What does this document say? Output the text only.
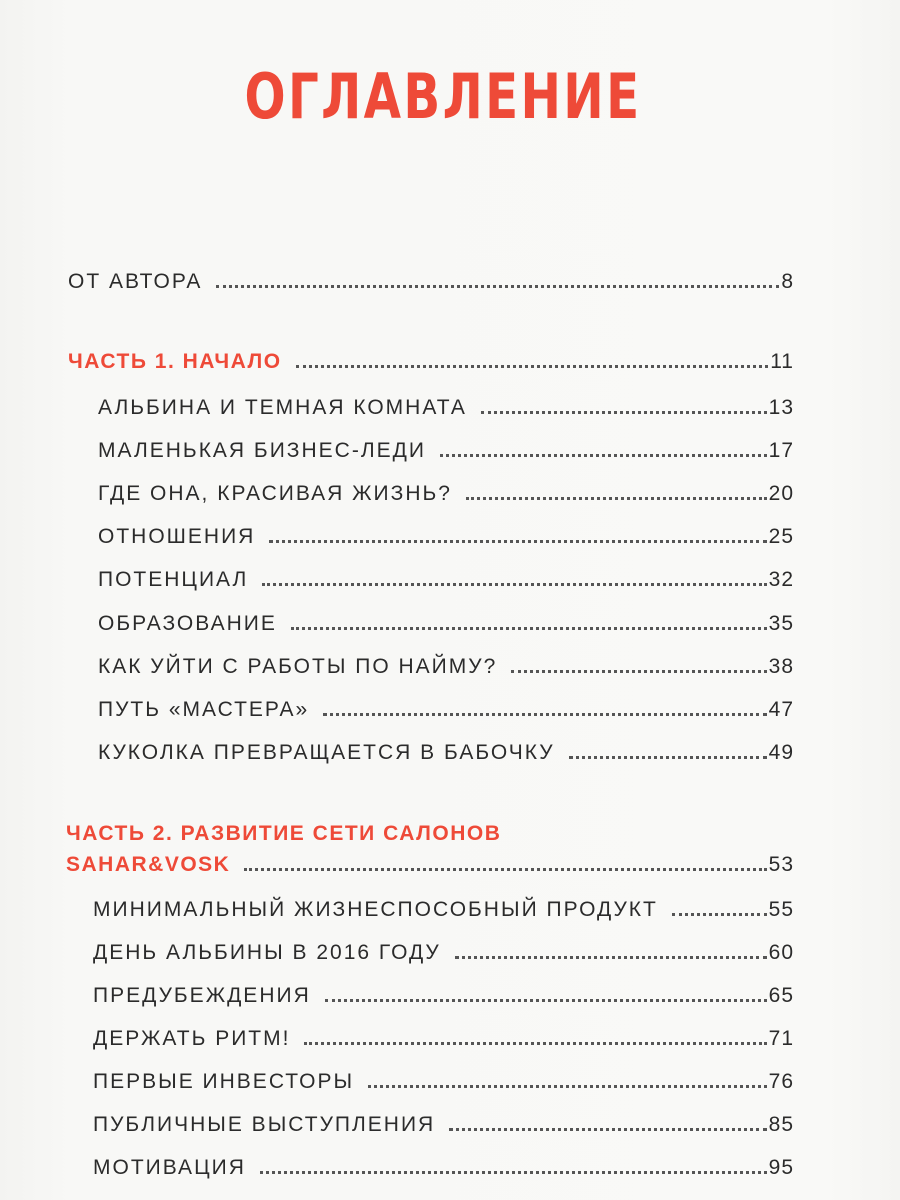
ОГЛАВЛЕНИЕ
ОТ АВТОРА	8
ЧАСТЬ 1. НАЧАЛО	11
АЛЬБИНА И ТЕМНАЯ КОМНАТА	13
МАЛЕНЬКАЯ БИЗНЕС-ЛЕДИ	17
ГДЕ ОНА, КРАСИВАЯ ЖИЗНЬ?	20
ОТНОШЕНИЯ	25
ПОТЕНЦИАЛ	32
ОБРАЗОВАНИЕ	35
КАК УЙТИ С РАБОТЫ ПО НАЙМУ?	38
ПУТЬ «МАСТЕРА»	47
КУКОЛКА ПРЕВРАЩАЕТСЯ В БАБОЧКУ	49
ЧАСТЬ 2. РАЗВИТИЕ СЕТИ САЛОНОВ
SAHAR&VOSK	53
МИНИМАЛЬНЫЙ ЖИЗНЕСПОСОБНЫЙ ПРОДУКТ	55
ДЕНЬ АЛЬБИНЫ В 2016 ГОДУ	60
ПРЕДУБЕЖДЕНИЯ	65
ДЕРЖАТЬ РИТМ!	71
ПЕРВЫЕ ИНВЕСТОРЫ	76
ПУБЛИЧНЫЕ ВЫСТУПЛЕНИЯ	85
МОТИВАЦИЯ	95
